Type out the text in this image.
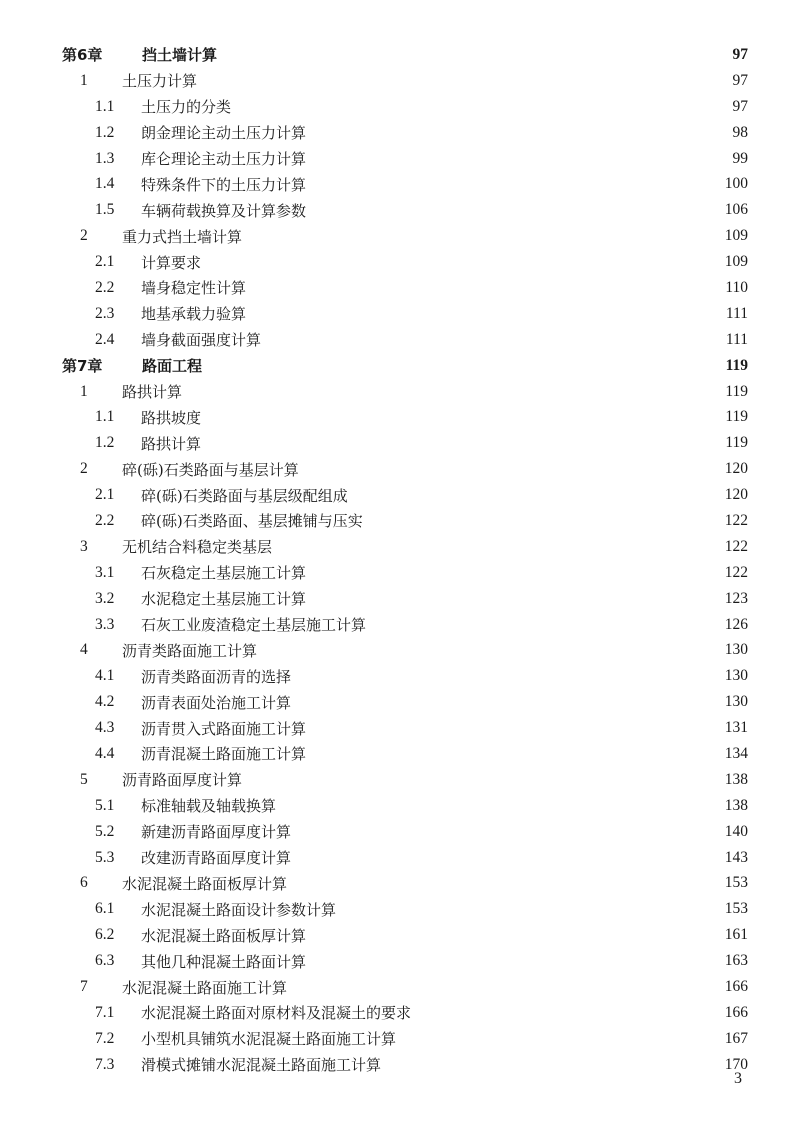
第6章	挡土墙计算	97
1	土压力计算	97
1.1	土压力的分类	97
1.2	朗金理论主动土压力计算	98
1.3	库仑理论主动土压力计算	99
1.4	特殊条件下的土压力计算	100
1.5	车辆荷载换算及计算参数	106
2	重力式挡土墙计算	109
2.1	计算要求	109
2.2	墙身稳定性计算	110
2.3	地基承载力验算	111
2.4	墙身截面强度计算	111
第7章	路面工程	119
1	路拱计算	119
1.1	路拱坡度	119
1.2	路拱计算	119
2	碎(砾)石类路面与基层计算	120
2.1	碎(砾)石类路面与基层级配组成	120
2.2	碎(砾)石类路面、基层摊铺与压实	122
3	无机结合料稳定类基层	122
3.1	石灰稳定土基层施工计算	122
3.2	水泥稳定土基层施工计算	123
3.3	石灰工业废渣稳定土基层施工计算	126
4	沥青类路面施工计算	130
4.1	沥青类路面沥青的选择	130
4.2	沥青表面处治施工计算	130
4.3	沥青贯入式路面施工计算	131
4.4	沥青混凝土路面施工计算	134
5	沥青路面厚度计算	138
5.1	标准轴载及轴载换算	138
5.2	新建沥青路面厚度计算	140
5.3	改建沥青路面厚度计算	143
6	水泥混凝土路面板厚计算	153
6.1	水泥混凝土路面设计参数计算	153
6.2	水泥混凝土路面板厚计算	161
6.3	其他几种混凝土路面计算	163
7	水泥混凝土路面施工计算	166
7.1	水泥混凝土路面对原材料及混凝土的要求	166
7.2	小型机具铺筑水泥混凝土路面施工计算	167
7.3	滑模式摊铺水泥混凝土路面施工计算	170
3
